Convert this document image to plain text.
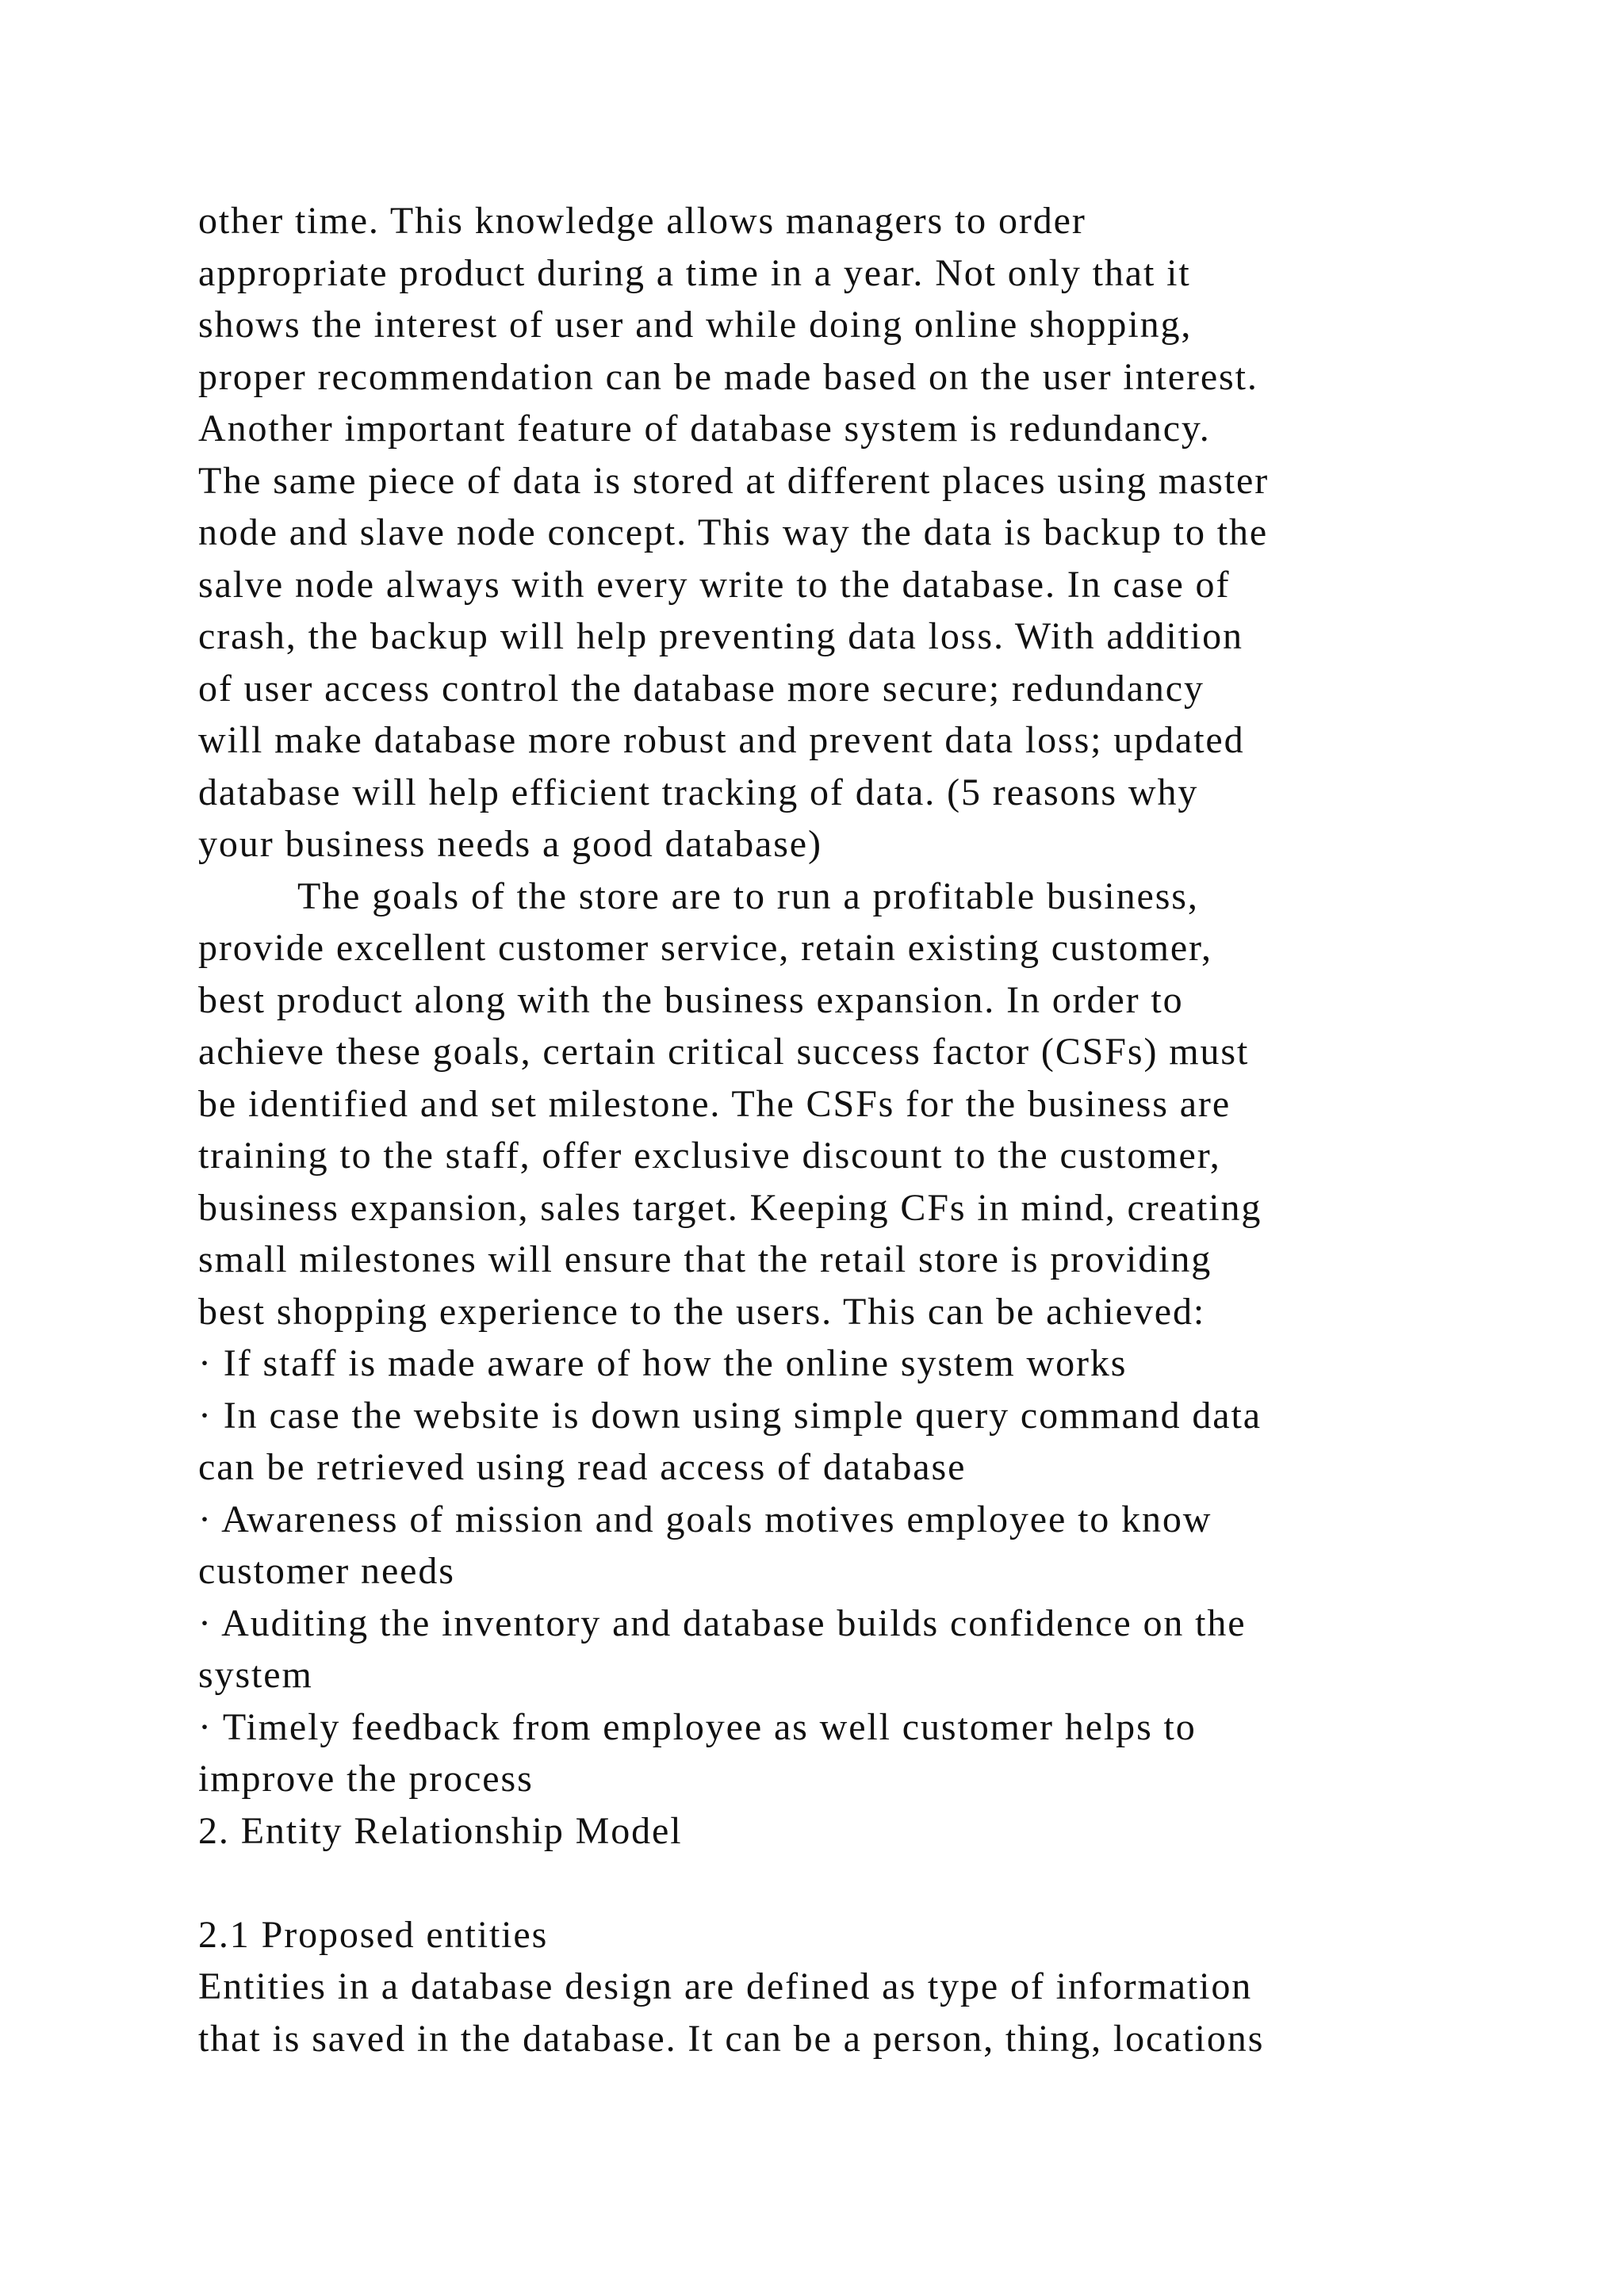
other time. This knowledge allows managers to order
appropriate product during a time in a year. Not only that it
shows the interest of user and while doing online shopping,
proper recommendation can be made based on the user interest.
Another important feature of database system is redundancy.
The same piece of data is stored at different places using master
node and slave node concept. This way the data is backup to the
salve node always with every write to the database. In case of
crash, the backup will help preventing data loss. With addition
of user access control the database more secure; redundancy
will make database more robust and prevent data loss; updated
database will help efficient tracking of data. (5 reasons why
your business needs a good database)
The goals of the store are to run a profitable business,
provide excellent customer service, retain existing customer,
best product along with the business expansion. In order to
achieve these goals, certain critical success factor (CSFs) must
be identified and set milestone. The CSFs for the business are
training to the staff, offer exclusive discount to the customer,
business expansion, sales target. Keeping CFs in mind, creating
small milestones will ensure that the retail store is providing
best shopping experience to the users. This can be achieved:
· If staff is made aware of how the online system works
· In case the website is down using simple query command data
can be retrieved using read access of database
· Awareness of mission and goals motives employee to know
customer needs
· Auditing the inventory and database builds confidence on the
system
· Timely feedback from employee as well customer helps to
improve the process
2. Entity Relationship Model
2.1 Proposed entities
Entities in a database design are defined as type of information
that is saved in the database. It can be a person, thing, locations
